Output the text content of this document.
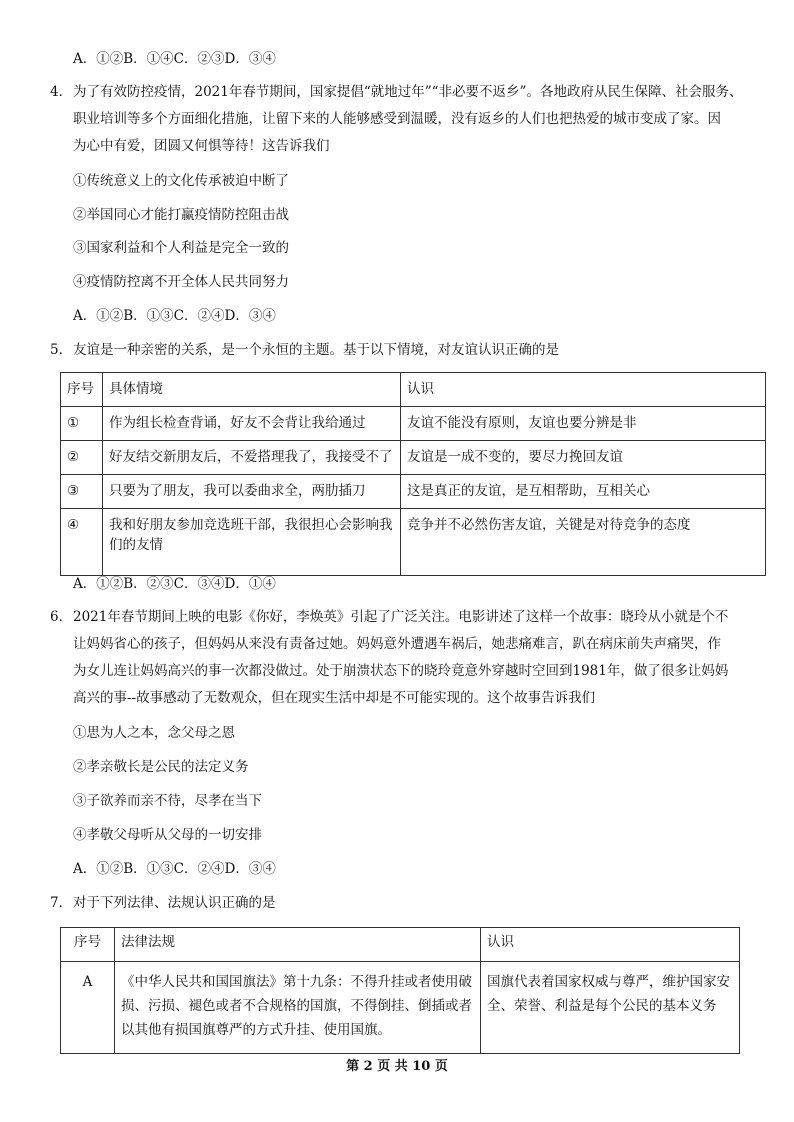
A．①②B．①④C．②③D．③④
4． 为了有效防控疫情，2021年春节期间，国家提倡“就地过年”“非必要不返乡”。各地政府从民生保障、社会服务、
职业培训等多个方面细化措施，让留下来的人能够感受到温暖，没有返乡的人们也把热爱的城市变成了家。因
为心中有爱，团圆又何惧等待！这告诉我们
①传统意义上的文化传承被迫中断了
②举国同心才能打赢疫情防控阻击战
③国家利益和个人利益是完全一致的
④疫情防控离不开全体人民共同努力
A．①②B．①③C．②④D．③④
5． 友谊是一种亲密的关系，是一个永恒的主题。基于以下情境，对友谊认识正确的是
序号	具体情境	认识
①	作为组长检查背诵，好友不会背让我给通过	友谊不能没有原则，友谊也要分辨是非
②	好友结交新朋友后，不爱搭理我了，我接受不了	友谊是一成不变的，要尽力挽回友谊
③	只要为了朋友，我可以委曲求全，两肋插刀	这是真正的友谊，是互相帮助，互相关心
④	我和好朋友参加竞选班干部，我很担心会影响我们的友情	竞争并不必然伤害友谊，关键是对待竞争的态度
A．①②B．②③C．③④D．①④
6． 2021年春节期间上映的电影《你好，李焕英》引起了广泛关注。电影讲述了这样一个故事：晓玲从小就是个不
让妈妈省心的孩子，但妈妈从来没有责备过她。妈妈意外遭遇车祸后，她悲痛难言，趴在病床前失声痛哭，作
为女儿连让妈妈高兴的事一次都没做过。处于崩溃状态下的晓玲竟意外穿越时空回到1981年，做了很多让妈妈
高兴的事--故事感动了无数观众，但在现实生活中却是不可能实现的。这个故事告诉我们
①思为人之本，念父母之恩
②孝亲敬长是公民的法定义务
③子欲养而亲不待，尽孝在当下
④孝敬父母听从父母的一切安排
A．①②B．①③C．②④D．③④
7． 对于下列法律、法规认识正确的是
序号	法律法规	认识
A	《中华人民共和国国旗法》第十九条：不得升挂或者使用破损、污损、褪色或者不合规格的国旗，不得倒挂、倒插或者以其他有损国旗尊严的方式升挂、使用国旗。	国旗代表着国家权威与尊严，维护国家安全、荣誉、利益是每个公民的基本义务
第 2 页 共 10 页
